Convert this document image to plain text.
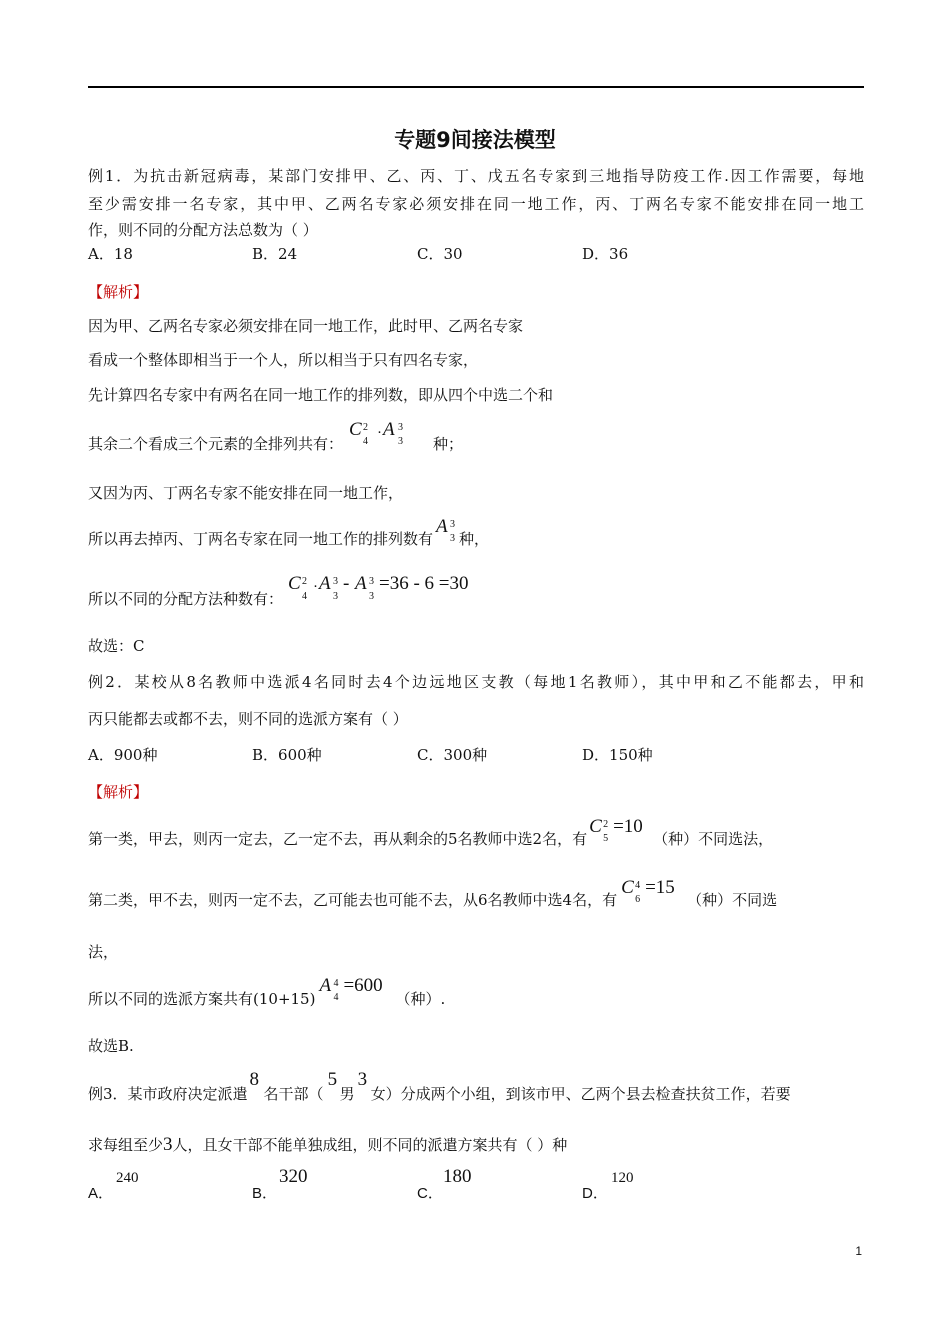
专题9间接法模型
例1．为抗击新冠病毒，某部门安排甲、乙、丙、丁、戊五名专家到三地指导防疫工作.因工作需要，每地
至少需安排一名专家，其中甲、乙两名专家必须安排在同一地工作，丙、丁两名专家不能安排在同一地工
作，则不同的分配方法总数为（ ）
A．18	B．24	C．30	D．36
【解析】
因为甲、乙两名专家必须安排在同一地工作，此时甲、乙两名专家
看成一个整体即相当于一个人，所以相当于只有四名专家，
先计算四名专家中有两名在同一地工作的排列数，即从四个中选二个和
其余二个看成三个元素的全排列共有：
C 2
4
· A 3
3 种；
又因为丙、丁两名专家不能安排在同一地工作，
所以再去掉丙、丁两名专家在同一地工作的排列数有
A 3
3 种，
所以不同的分配方法种数有：
C 2
4
· A 3
3
- A 3
3
=36 - 6 =30
故选：C
例2．某校从8名教师中选派4名同时去4个边远地区支教（每地1名教师），其中甲和乙不能都去，甲和
丙只能都去或都不去，则不同的选派方案有（ ）
A．900种	B．600种	C．300种	D．150种
【解析】
第一类，甲去，则丙一定去，乙一定不去，再从剩余的5名教师中选2名，有
C 2
5
=10
（种）不同选法，
第二类，甲不去，则丙一定不去，乙可能去也可能不去，从6名教师中选4名，有
C 4
6
=15
（种）不同选
法，
所以不同的选派方案共有(10+15)
A 4
4
=600
（种）.
故选B.
例3．某市政府决定派遣
8
名干部（
5
男
3
女）分成两个小组，到该市甲、乙两个县去检查扶贫工作，若要
求每组至少3人，且女干部不能单独成组，则不同的派遣方案共有（ ）种
A．
240
B．
320
C．
180
D．
120
1
